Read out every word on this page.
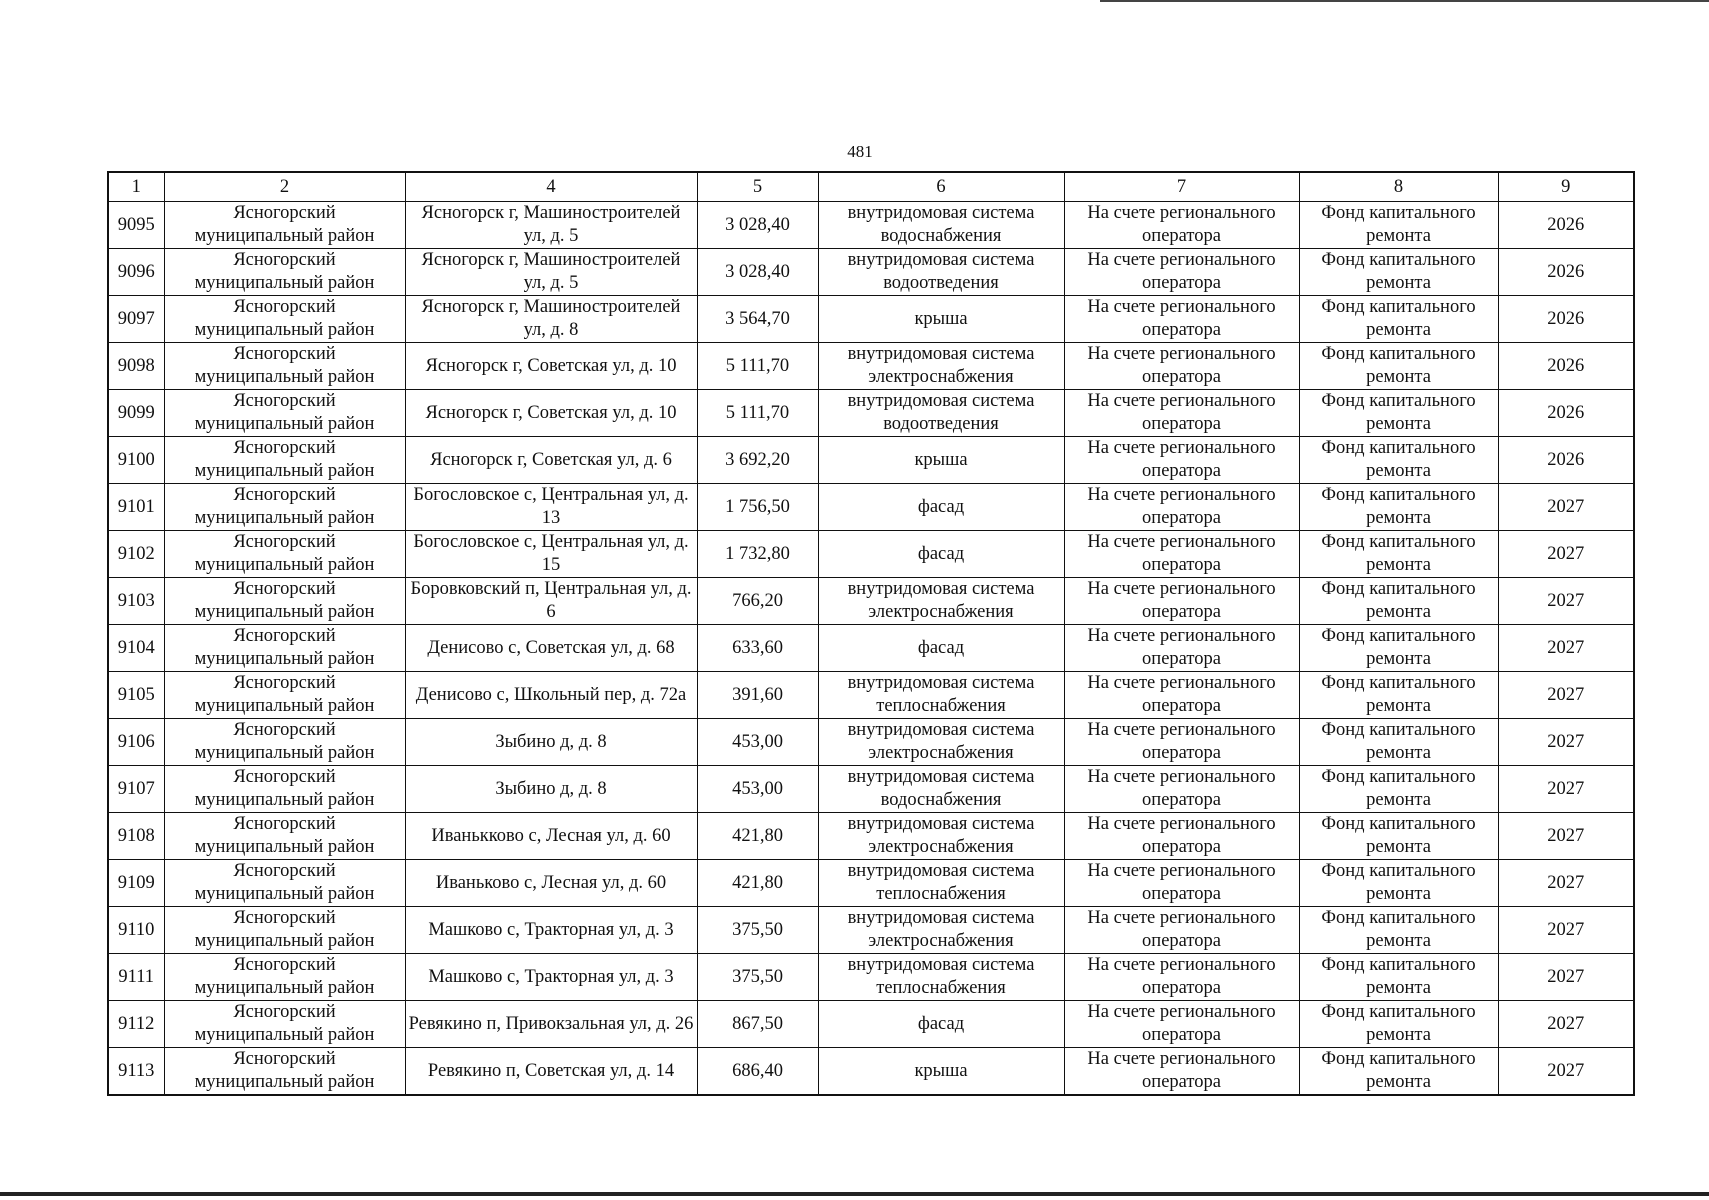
481
1	2	4	5	6	7	8	9
9095	Ясногорский муниципальный район	Ясногорск г, Машиностроителей ул, д. 5	3 028,40	внутридомовая система водоснабжения	На счете регионального оператора	Фонд капитального ремонта	2026
9096	Ясногорский муниципальный район	Ясногорск г, Машиностроителей ул, д. 5	3 028,40	внутридомовая система водоотведения	На счете регионального оператора	Фонд капитального ремонта	2026
9097	Ясногорский муниципальный район	Ясногорск г, Машиностроителей ул, д. 8	3 564,70	крыша	На счете регионального оператора	Фонд капитального ремонта	2026
9098	Ясногорский муниципальный район	Ясногорск г, Советская ул, д. 10	5 111,70	внутридомовая система электроснабжения	На счете регионального оператора	Фонд капитального ремонта	2026
9099	Ясногорский муниципальный район	Ясногорск г, Советская ул, д. 10	5 111,70	внутридомовая система водоотведения	На счете регионального оператора	Фонд капитального ремонта	2026
9100	Ясногорский муниципальный район	Ясногорск г, Советская ул, д. 6	3 692,20	крыша	На счете регионального оператора	Фонд капитального ремонта	2026
9101	Ясногорский муниципальный район	Богословское с, Центральная ул, д. 13	1 756,50	фасад	На счете регионального оператора	Фонд капитального ремонта	2027
9102	Ясногорский муниципальный район	Богословское с, Центральная ул, д. 15	1 732,80	фасад	На счете регионального оператора	Фонд капитального ремонта	2027
9103	Ясногорский муниципальный район	Боровковский п, Центральная ул, д. 6	766,20	внутридомовая система электроснабжения	На счете регионального оператора	Фонд капитального ремонта	2027
9104	Ясногорский муниципальный район	Денисово с, Советская ул, д. 68	633,60	фасад	На счете регионального оператора	Фонд капитального ремонта	2027
9105	Ясногорский муниципальный район	Денисово с, Школьный пер, д. 72а	391,60	внутридомовая система теплоснабжения	На счете регионального оператора	Фонд капитального ремонта	2027
9106	Ясногорский муниципальный район	Зыбино д, д. 8	453,00	внутридомовая система электроснабжения	На счете регионального оператора	Фонд капитального ремонта	2027
9107	Ясногорский муниципальный район	Зыбино д, д. 8	453,00	внутридомовая система водоснабжения	На счете регионального оператора	Фонд капитального ремонта	2027
9108	Ясногорский муниципальный район	Иванькково с, Лесная ул, д. 60	421,80	внутридомовая система электроснабжения	На счете регионального оператора	Фонд капитального ремонта	2027
9109	Ясногорский муниципальный район	Иваньково с, Лесная ул, д. 60	421,80	внутридомовая система теплоснабжения	На счете регионального оператора	Фонд капитального ремонта	2027
9110	Ясногорский муниципальный район	Машково с, Тракторная ул, д. 3	375,50	внутридомовая система электроснабжения	На счете регионального оператора	Фонд капитального ремонта	2027
9111	Ясногорский муниципальный район	Машково с, Тракторная ул, д. 3	375,50	внутридомовая система теплоснабжения	На счете регионального оператора	Фонд капитального ремонта	2027
9112	Ясногорский муниципальный район	Ревякино п, Привокзальная ул, д. 26	867,50	фасад	На счете регионального оператора	Фонд капитального ремонта	2027
9113	Ясногорский муниципальный район	Ревякино п, Советская ул, д. 14	686,40	крыша	На счете регионального оператора	Фонд капитального ремонта	2027
